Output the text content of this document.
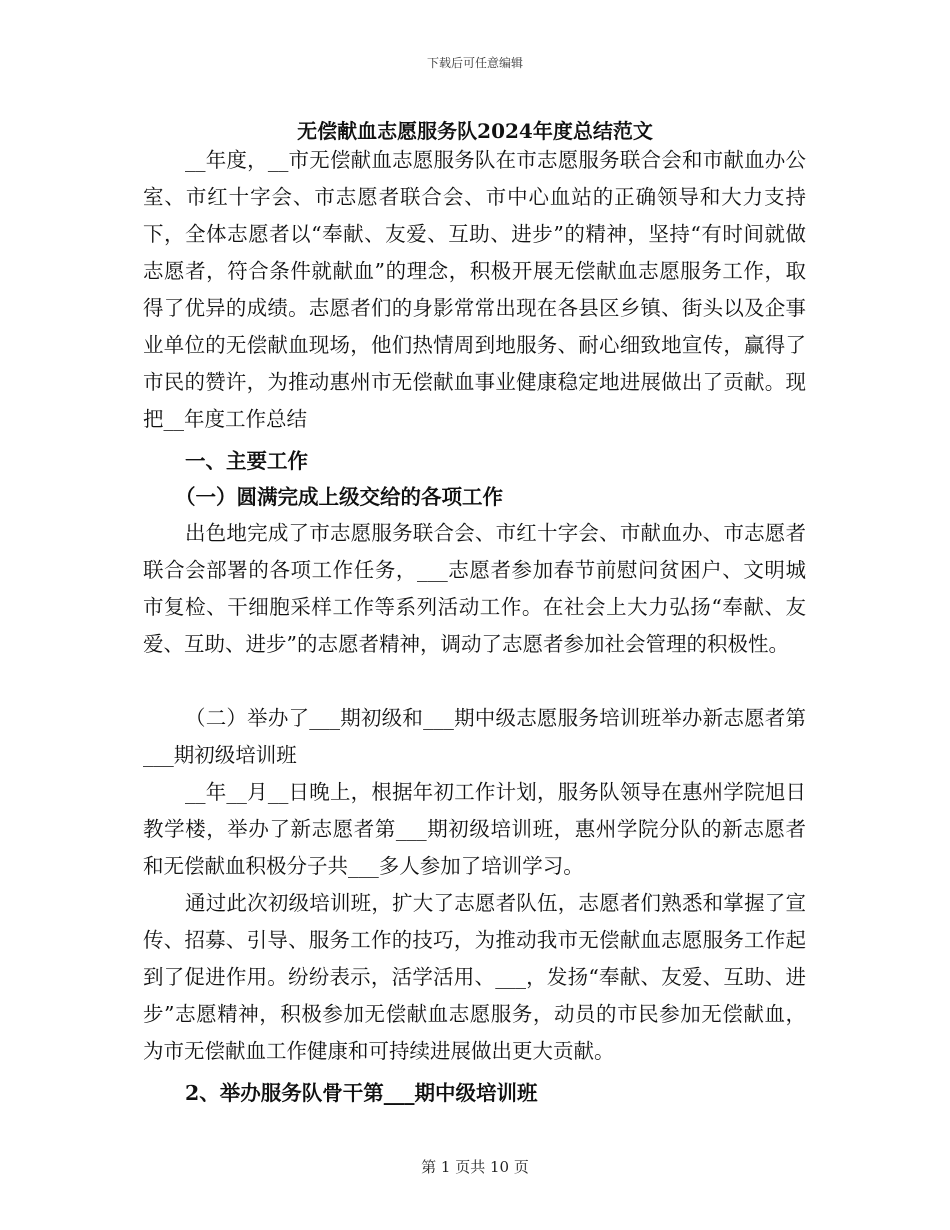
下载后可任意编辑
无偿献血志愿服务队2024年度总结范文

__年度，__市无偿献血志愿服务队在市志愿服务联合会和市献血办公室、市红十字会、市志愿者联合会、市中心血站的正确领导和大力支持下，全体志愿者以“奉献、友爱、互助、进步”的精神，坚持“有时间就做志愿者，符合条件就献血”的理念，积极开展无偿献血志愿服务工作，取得了优异的成绩。志愿者们的身影常常出现在各县区乡镇、街头以及企事业单位的无偿献血现场，他们热情周到地服务、耐心细致地宣传，赢得了市民的赞许，为推动惠州市无偿献血事业健康稳定地进展做出了贡献。现把__年度工作总结

一、主要工作

（一）圆满完成上级交给的各项工作

出色地完成了市志愿服务联合会、市红十字会、市献血办、市志愿者联合会部署的各项工作任务，___志愿者参加春节前慰问贫困户、文明城市复检、干细胞采样工作等系列活动工作。在社会上大力弘扬“奉献、友爱、互助、进步”的志愿者精神，调动了志愿者参加社会管理的积极性。

（二）举办了___期初级和___期中级志愿服务培训班举办新志愿者第___期初级培训班

__年__月__日晚上，根据年初工作计划，服务队领导在惠州学院旭日教学楼，举办了新志愿者第___期初级培训班，惠州学院分队的新志愿者和无偿献血积极分子共___多人参加了培训学习。

通过此次初级培训班，扩大了志愿者队伍，志愿者们熟悉和掌握了宣传、招募、引导、服务工作的技巧，为推动我市无偿献血志愿服务工作起到了促进作用。纷纷表示，活学活用、___，发扬“奉献、友爱、互助、进步”志愿精神，积极参加无偿献血志愿服务，动员的市民参加无偿献血，为市无偿献血工作健康和可持续进展做出更大贡献。

2、举办服务队骨干第___期中级培训班

第 1 页共 10 页
